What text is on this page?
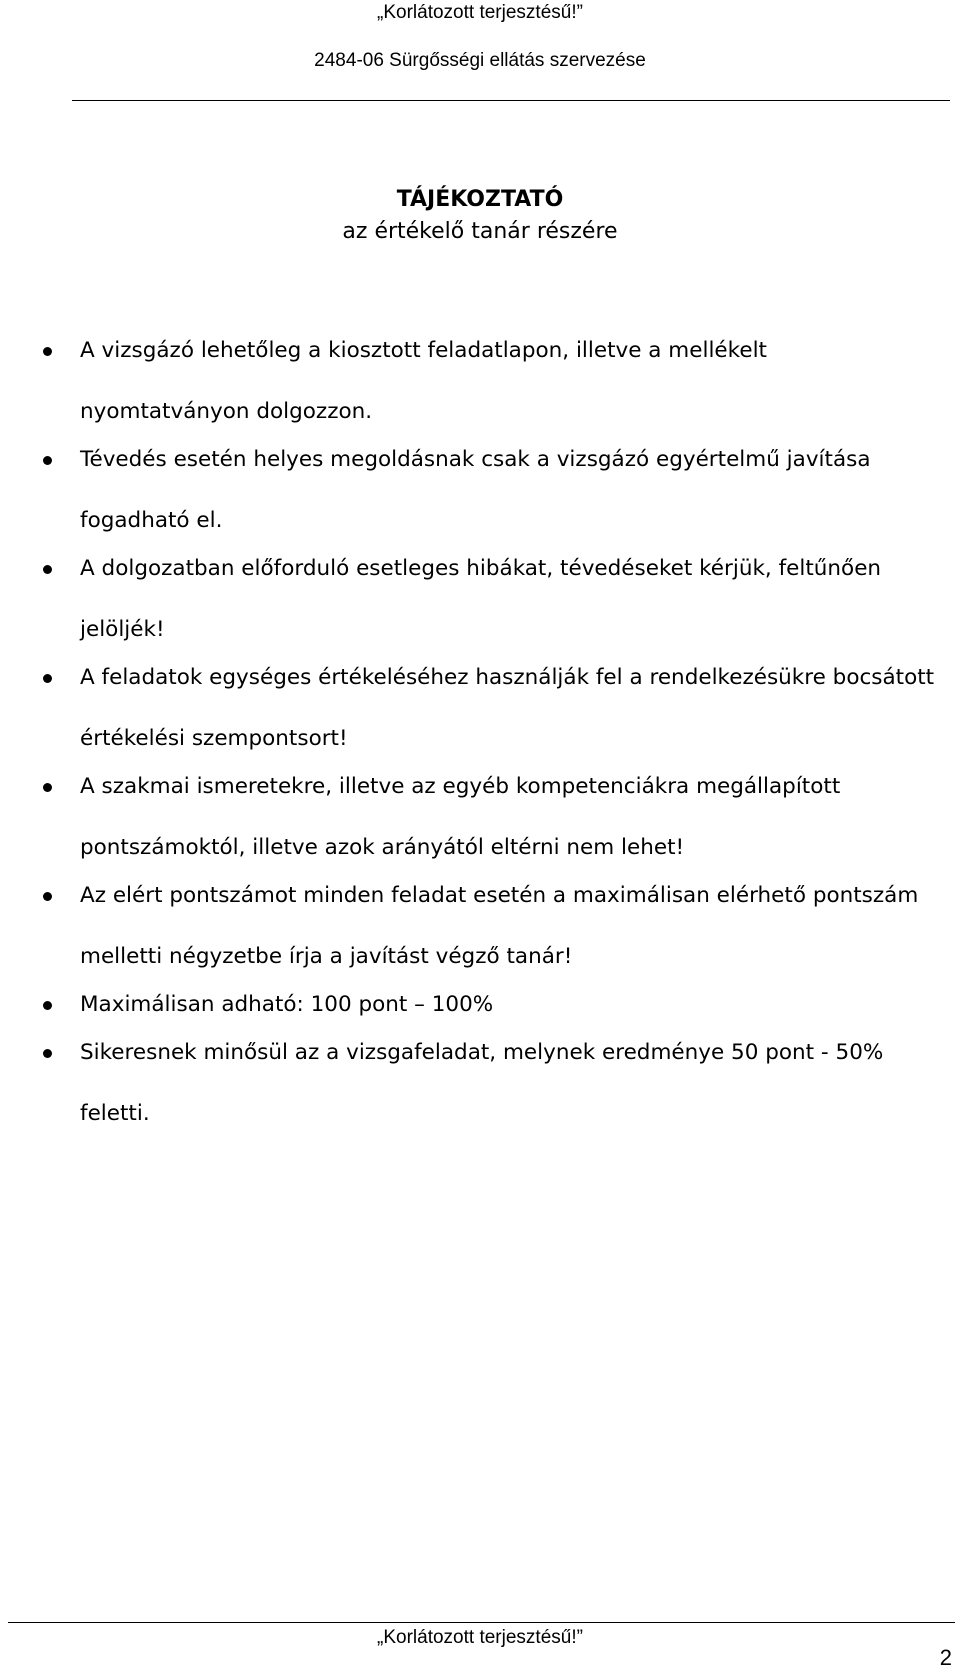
„Korlátozott terjesztésű!”
2484-06 Sürgősségi ellátás szervezése
TÁJÉKOZTATÓ
az értékelő tanár részére
A vizsgázó lehetőleg a kiosztott feladatlapon, illetve a mellékelt
nyomtatványon dolgozzon.
Tévedés esetén helyes megoldásnak csak a vizsgázó egyértelmű javítása
fogadható el.
A dolgozatban előforduló esetleges hibákat, tévedéseket kérjük, feltűnően
jelöljék!
A feladatok egységes értékeléséhez használják fel a rendelkezésükre bocsátott
értékelési szempontsort!
A szakmai ismeretekre, illetve az egyéb kompetenciákra megállapított
pontszámoktól, illetve azok arányától eltérni nem lehet!
Az elért pontszámot minden feladat esetén a maximálisan elérhető pontszám
melletti négyzetbe írja a javítást végző tanár!
Maximálisan adható: 100 pont – 100%
Sikeresnek minősül az a vizsgafeladat, melynek eredménye 50 pont - 50%
feletti.
„Korlátozott terjesztésű!”
2
